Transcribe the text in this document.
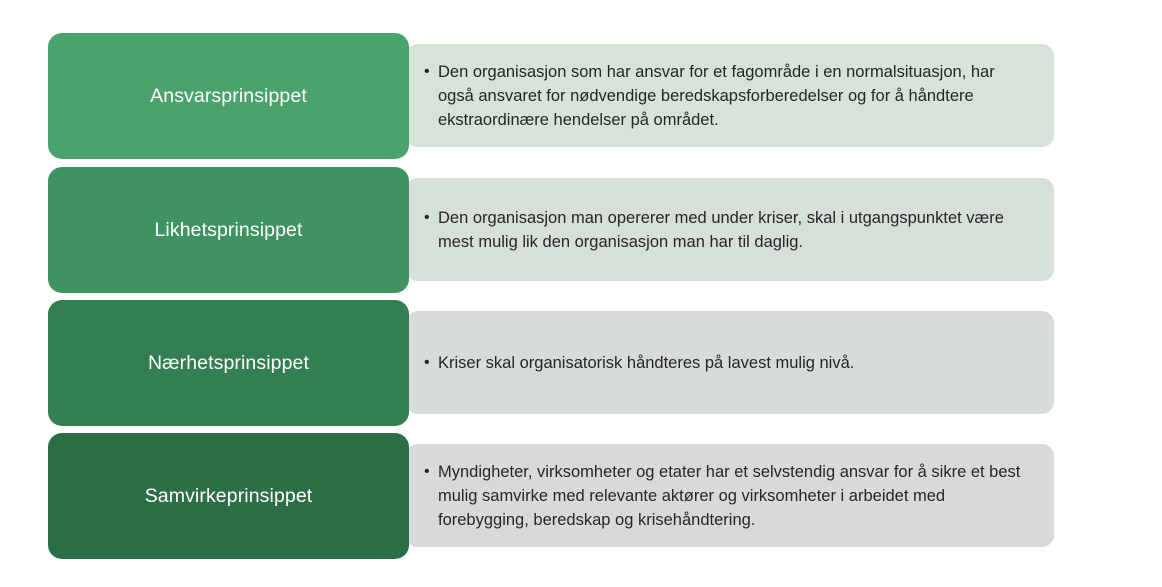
• Den organisasjon som har ansvar for et fagområde i en normalsituasjon, har også ansvaret for nødvendige beredskapsforberedelser og for å håndtere ekstraordinære hendelser på området.
Ansvarsprinsippet
• Den organisasjon man opererer med under kriser, skal i utgangspunktet være mest mulig lik den organisasjon man har til daglig.
Likhetsprinsippet
• Kriser skal organisatorisk håndteres på lavest mulig nivå.
Nærhetsprinsippet
• Myndigheter, virksomheter og etater har et selvstendig ansvar for å sikre et best mulig samvirke med relevante aktører og virksomheter i arbeidet med forebygging, beredskap og krisehåndtering.
Samvirkeprinsippet
